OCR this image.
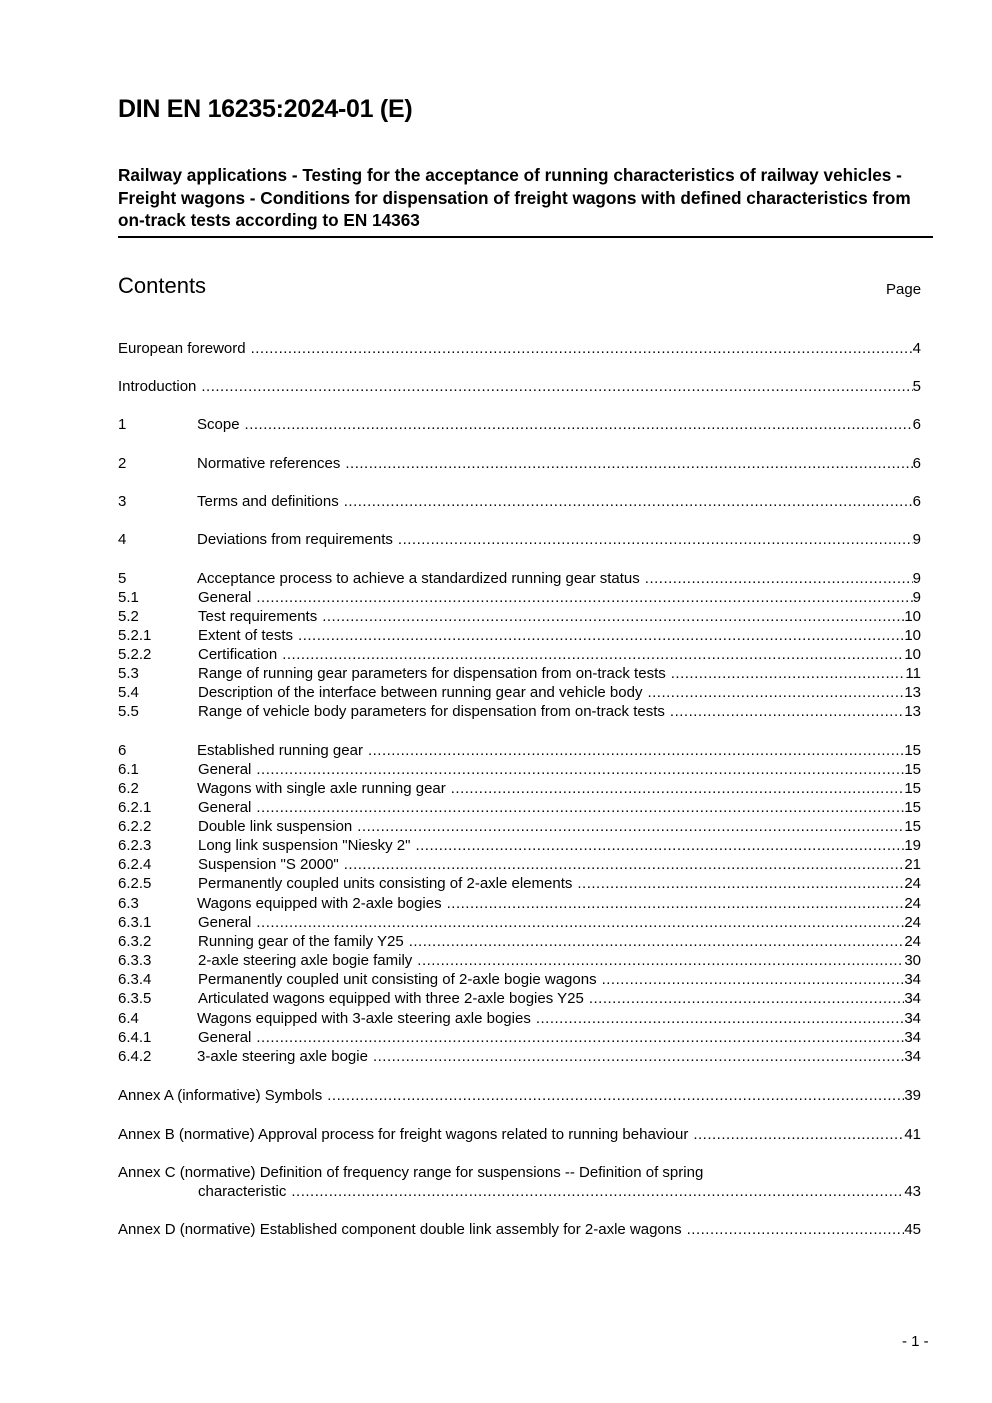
DIN EN 16235:2024-01 (E)
Railway applications - Testing for the acceptance of running characteristics of railway vehicles - Freight wagons - Conditions for dispensation of freight wagons with defined characteristics from on-track tests according to EN 14363
Contents	Page
European foreword .....	4
Introduction .....	5
1	Scope .....	6
2	Normative references .....	6
3	Terms and definitions .....	6
4	Deviations from requirements .....	9
5	Acceptance process to achieve a standardized running gear status .....	9
5.1	General .....	9
5.2	Test requirements .....	10
5.2.1	Extent of tests .....	10
5.2.2	Certification .....	10
5.3	Range of running gear parameters for dispensation from on-track tests .....	11
5.4	Description of the interface between running gear and vehicle body .....	13
5.5	Range of vehicle body parameters for dispensation from on-track tests .....	13
6	Established running gear .....	15
6.1	General .....	15
6.2	Wagons with single axle running gear .....	15
6.2.1	General .....	15
6.2.2	Double link suspension .....	15
6.2.3	Long link suspension "Niesky 2" .....	19
6.2.4	Suspension "S 2000" .....	21
6.2.5	Permanently coupled units consisting of 2-axle elements .....	24
6.3	Wagons equipped with 2-axle bogies .....	24
6.3.1	General .....	24
6.3.2	Running gear of the family Y25 .....	24
6.3.3	2-axle steering axle bogie family .....	30
6.3.4	Permanently coupled unit consisting of 2-axle bogie wagons .....	34
6.3.5	Articulated wagons equipped with three 2-axle bogies Y25 .....	34
6.4	Wagons equipped with 3-axle steering axle bogies .....	34
6.4.1	General .....	34
6.4.2	3-axle steering axle bogie .....	34
Annex A (informative) Symbols .....	39
Annex B (normative) Approval process for freight wagons related to running behaviour .....	41
Annex C (normative) Definition of frequency range for suspensions -- Definition of spring
characteristic .....	43
Annex D (normative) Established component double link assembly for 2-axle wagons .....	45
- 1 -
